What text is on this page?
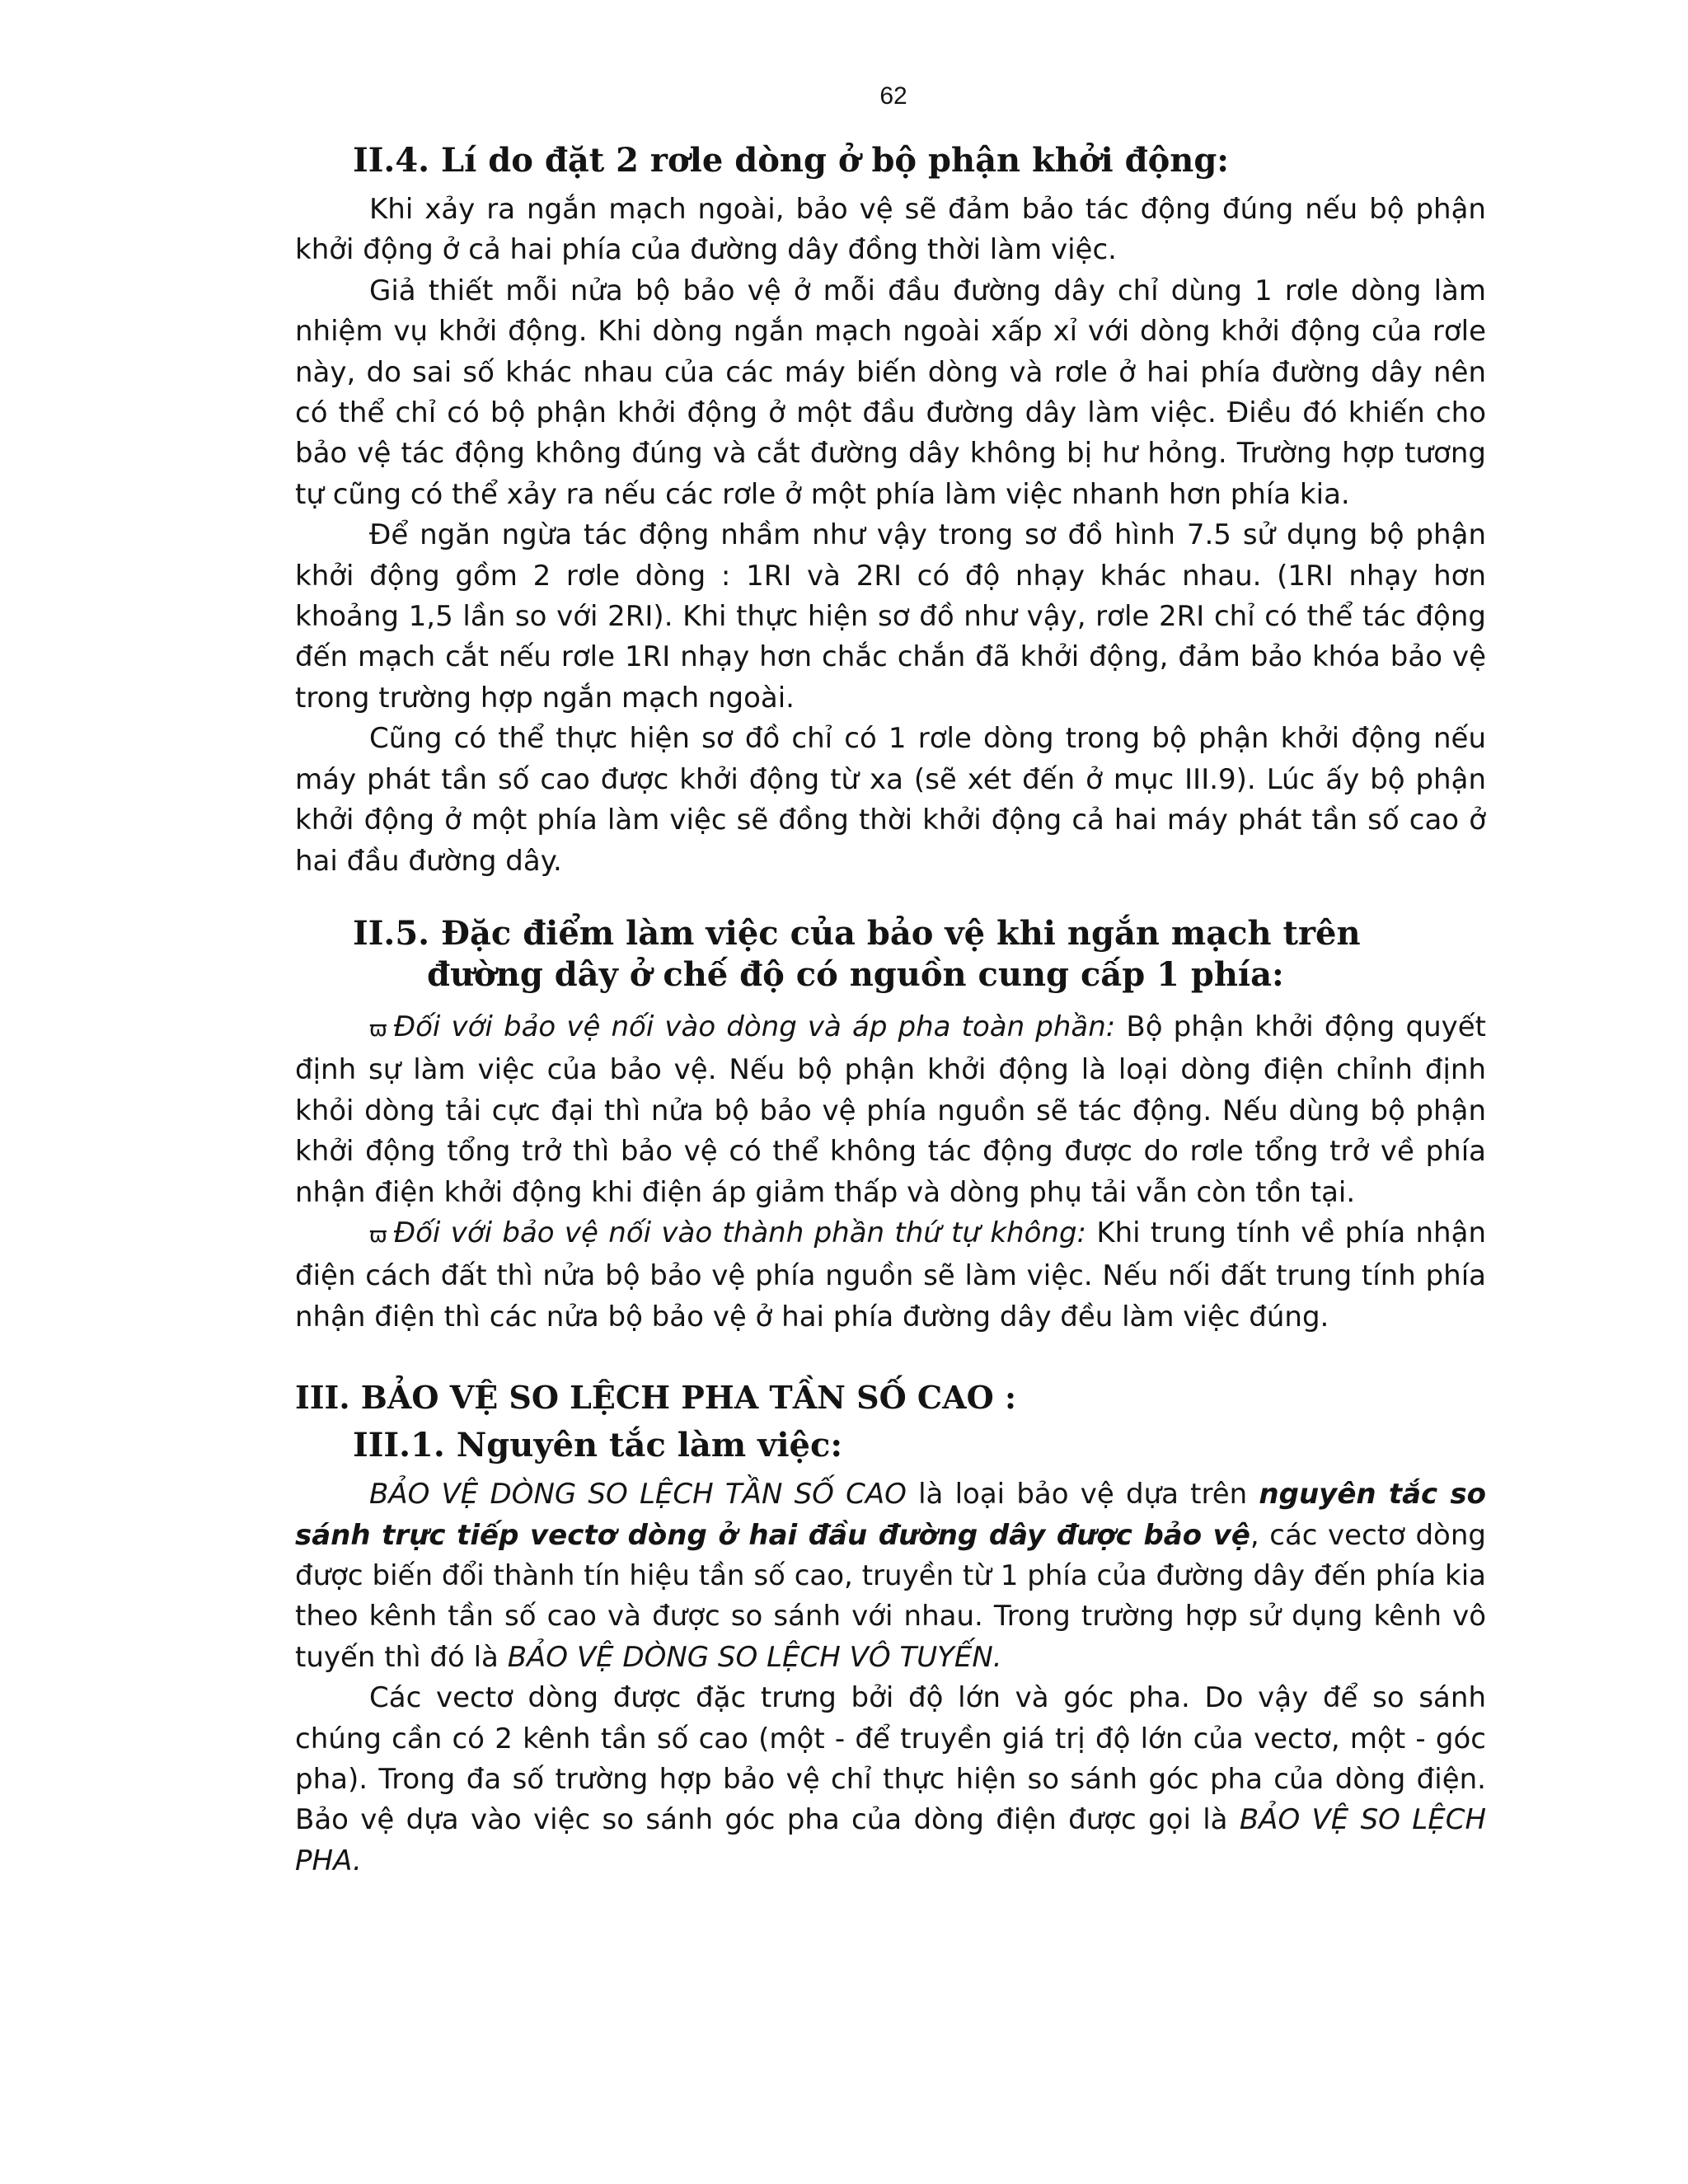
62
II.4. Lí do đặt 2 rơle dòng ở bộ phận khởi động:

Khi xảy ra ngắn mạch ngoài, bảo vệ sẽ đảm bảo tác động đúng nếu bộ phận khởi động ở cả hai phía của đường dây đồng thời làm việc.

Giả thiết mỗi nửa bộ bảo vệ ở mỗi đầu đường dây chỉ dùng 1 rơle dòng làm nhiệm vụ khởi động. Khi dòng ngắn mạch ngoài xấp xỉ với dòng khởi động của rơle này, do sai số khác nhau của các máy biến dòng và rơle ở hai phía đường dây nên có thể chỉ có bộ phận khởi động ở một đầu đường dây làm việc. Điều đó khiến cho bảo vệ tác động không đúng và cắt đường dây không bị hư hỏng. Trường hợp tương tự cũng có thể xảy ra nếu các rơle ở một phía làm việc nhanh hơn phía kia.

Để ngăn ngừa tác động nhầm như vậy trong sơ đồ hình 7.5 sử dụng bộ phận khởi động gồm 2 rơle dòng : 1RI và 2RI có độ nhạy khác nhau. (1RI nhạy hơn khoảng 1,5 lần so với 2RI). Khi thực hiện sơ đồ như vậy, rơle 2RI chỉ có thể tác động đến mạch cắt nếu rơle 1RI nhạy hơn chắc chắn đã khởi động, đảm bảo khóa bảo vệ trong trường hợp ngắn mạch ngoài.

Cũng có thể thực hiện sơ đồ chỉ có 1 rơle dòng trong bộ phận khởi động nếu máy phát tần số cao được khởi động từ xa (sẽ xét đến ở mục III.9). Lúc ấy bộ phận khởi động ở một phía làm việc sẽ đồng thời khởi động cả hai máy phát tần số cao ở hai đầu đường dây.

II.5. Đặc điểm làm việc của bảo vệ khi ngắn mạch trên đường dây ở chế độ có nguồn cung cấp 1 phía:

ϖ Đối với bảo vệ nối vào dòng và áp pha toàn phần: Bộ phận khởi động quyết định sự làm việc của bảo vệ. Nếu bộ phận khởi động là loại dòng điện chỉnh định khỏi dòng tải cực đại thì nửa bộ bảo vệ phía nguồn sẽ tác động. Nếu dùng bộ phận khởi động tổng trở thì bảo vệ có thể không tác động được do rơle tổng trở về phía nhận điện khởi động khi điện áp giảm thấp và dòng phụ tải vẫn còn tồn tại.

ϖ Đối với bảo vệ nối vào thành phần thứ tự không: Khi trung tính về phía nhận điện cách đất thì nửa bộ bảo vệ phía nguồn sẽ làm việc. Nếu nối đất trung tính phía nhận điện thì các nửa bộ bảo vệ ở hai phía đường dây đều làm việc đúng.

III. BẢO VỆ SO LỆCH PHA TẦN SỐ CAO :
III.1. Nguyên tắc làm việc:

BẢO VỆ DÒNG SO LỆCH TẦN SỐ CAO là loại bảo vệ dựa trên nguyên tắc so sánh trực tiếp vectơ dòng ở hai đầu đường dây được bảo vệ, các vectơ dòng được biến đổi thành tín hiệu tần số cao, truyền từ 1 phía của đường dây đến phía kia theo kênh tần số cao và được so sánh với nhau. Trong trường hợp sử dụng kênh vô tuyến thì đó là BẢO VỆ DÒNG SO LỆCH VÔ TUYẾN.

Các vectơ dòng được đặc trưng bởi độ lớn và góc pha. Do vậy để so sánh chúng cần có 2 kênh tần số cao (một - để truyền giá trị độ lớn của vectơ, một - góc pha). Trong đa số trường hợp bảo vệ chỉ thực hiện so sánh góc pha của dòng điện. Bảo vệ dựa vào việc so sánh góc pha của dòng điện được gọi là BẢO VỆ SO LỆCH PHA.
